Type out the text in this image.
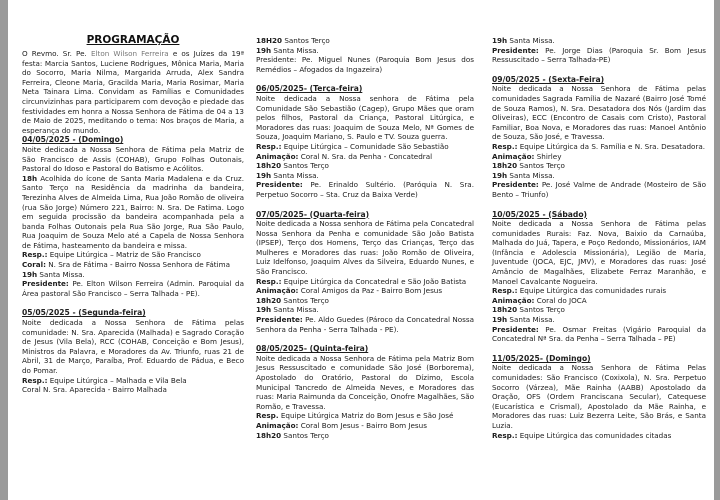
PROGRAMAÇÃO

O Revmo. Sr. Pe. Elton Wilson Ferreira e os Juízes da 19ª festa: Marcia Santos, Luciene Rodrigues, Mônica Maria, Maria do Socorro, Maria Nilma, Margarida Arruda, Alex Sandra Ferreira, Cleone Maria, Gracilda Maria, Maria Rosimar, Maria Neta Tainara Lima. Convidam as Famílias e Comunidades circunvizinhas para participarem com devoção e piedade das festividades em honra a Nossa Senhora de Fátima de 04 a 13 de Maio de 2025, meditando o tema: Nos braços de Maria, a esperança do mundo.

04/05/2025 - (Domingo)

Noite dedicada a Nossa Senhora de Fátima pela Matriz de São Francisco de Assis (COHAB), Grupo Folhas Outonais, Pastoral do Idoso e Pastoral do Batismo e Acólitos.

18h Acolhida do ícone de Santa Maria Madalena e da Cruz. Santo Terço na Residência da madrinha da bandeira, Terezinha Alves de Almeida Lima, Rua João Romão de oliveira (rua São Jorge) Número 221, Bairro: N. Sra. De Fatima. Logo em seguida procissão da bandeira acompanhada pela a banda Folhas Outonais pela Rua São Jorge, Rua São Paulo, Rua Joaquim de Souza Melo até a Capela de Nossa Senhora de Fátima, hasteamento da bandeira e missa.

Resp.: Equipe Litúrgica – Matriz de São Francisco

Coral: N. Sra de Fátima - Bairro Nossa Senhora de Fátima

19h Santa Missa.

Presidente: Pe. Elton Wilson Ferreira (Admin. Paroquial da Área pastoral São Francisco – Serra Talhada - PE).

05/05/2025 - (Segunda-feira)

Noite dedicada a Nossa Senhora de Fátima pelas comunidade: N. Sra. Aparecida (Malhada) e Sagrado Coração de Jesus (Vila Bela), RCC (COHAB, Conceição e Bom Jesus), Ministros da Palavra, e Moradores da Av. Triunfo, ruas 21 de Abril, 31 de Março, Paraíba, Prof. Eduardo de Pádua, e Beco do Pomar.

Resp.: Equipe Litúrgica – Malhada e Vila Bela

Coral N. Sra. Aparecida - Bairro Malhada

18H20 Santos Terço

19h Santa Missa.

Presidente: Pe. Miguel Nunes (Paroquia Bom Jesus dos Remédios – Afogados da Ingazeira)

06/05/2025- (Terça-feira)

Noite dedicada a Nossa senhora de Fátima pela Comunidade São Sebastião (Cagep), Grupo Mães que oram pelos filhos, Pastoral da Criança, Pastoral Litúrgica, e Moradores das ruas: Joaquim de Souza Melo, Nª Gomes de Souza, Joaquim Mariano, S. Paulo e TV. Souza guerra.

Resp.: Equipe Litúrgica – Comunidade São Sebastião

Animação: Coral N. Sra. da Penha - Concatedral

18h20 Santos Terço

19h Santa Missa.

Presidente: Pe. Erinaldo Sultério. (Paróquia N. Sra. Perpetuo Socorro – Sta. Cruz da Baixa Verde)

07/05/2025- (Quarta-feira)

Noite dedicada a Nossa senhora de Fátima pela Concatedral Nossa Senhora da Penha e comunidade São João Batista (IPSEP), Terço dos Homens, Terço das Crianças, Terço das Mulheres e Moradores das ruas: João Romão de Oliveira, Luiz Idelfonso, Joaquim Alves da Silveira, Eduardo Nunes, e São Francisco.

Resp.: Equipe Litúrgica da Concatedral e São João Batista

Animação: Coral Amigos da Paz - Bairro Bom Jesus

18h20 Santos Terço

19h Santa Missa.

Presidente: Pe. Aldo Guedes (Pároco da Concatedral Nossa Senhora da Penha - Serra Talhada - PE).

08/05/2025- (Quinta-feira)

Noite dedicada a Nossa Senhora de Fátima pela Matriz Bom Jesus Ressuscitado e comunidade São José (Borborema), Apostolado do Oratório, Pastoral do Dízimo, Escola Municipal Tancredo de Almeida Neves, e Moradores das ruas: Maria Raimunda da Conceição, Onofre Magalhães, São Romão, e Travessa.

Resp. Equipe Litúrgica Matriz do Bom Jesus e São José

Animação: Coral Bom Jesus - Bairro Bom Jesus

18h20 Santos Terço

19h Santa Missa.

Presidente: Pe. Jorge Dias (Paroquia Sr. Bom Jesus Ressuscitado – Serra Talhada-PE)

09/05/2025 - (Sexta-Feira)

Noite dedicada a Nossa Senhora de Fátima pelas comunidades Sagrada Família de Nazaré (Bairro José Tomé de Souza Ramos), N. Sra. Desatadora dos Nós (Jardim das Oliveiras), ECC (Encontro de Casais com Cristo), Pastoral Familiar, Boa Nova, e Moradores das ruas: Manoel Antônio de Souza, São José, e Travessa.

Resp.: Equipe Litúrgica da S. Família e N. Sra. Desatadora.

Animação: Shirley

18h20 Santos Terço

19h Santa Missa.

Presidente: Pe. José Valme de Andrade (Mosteiro de São Bento – Triunfo)

10/05/2025 - (Sábado)

Noite dedicada a Nossa Senhora de Fátima pelas comunidades Rurais: Faz. Nova, Baixio da Carnaúba, Malhada do Juá, Tapera, e Poço Redondo, Missionários, IAM (Infância e Adolescia Missionária), Legião de Maria, Juventude (JOCA, EJC, JMV), e Moradores das ruas: José Amâncio de Magalhães, Elizabete Ferraz Maranhão, e Manoel Cavalcante Nogueira.

Resp.: Equipe Litúrgica das comunidades rurais

Animação: Coral do JOCA

18h20 Santos Terço

19h Santa Missa.

Presidente: Pe. Osmar Freitas (Vigário Paroquial da Concatedral Nª Sra. da Penha – Serra Talhada – PE)

11/05/2025- (Domingo)

Noite dedicada a Nossa Senhora de Fátima Pelas comunidades: São Francisco (Coxixola), N. Sra. Perpetuo Socorro (Várzea), Mãe Rainha (AABB) Apostolado da Oração, OFS (Ordem Franciscana Secular), Catequese (Eucarística e Crismal), Apostolado da Mãe Rainha, e Moradores das ruas: Luiz Bezerra Leite, São Brás, e Santa Luzia.

Resp.: Equipe Litúrgica das comunidades citadas
